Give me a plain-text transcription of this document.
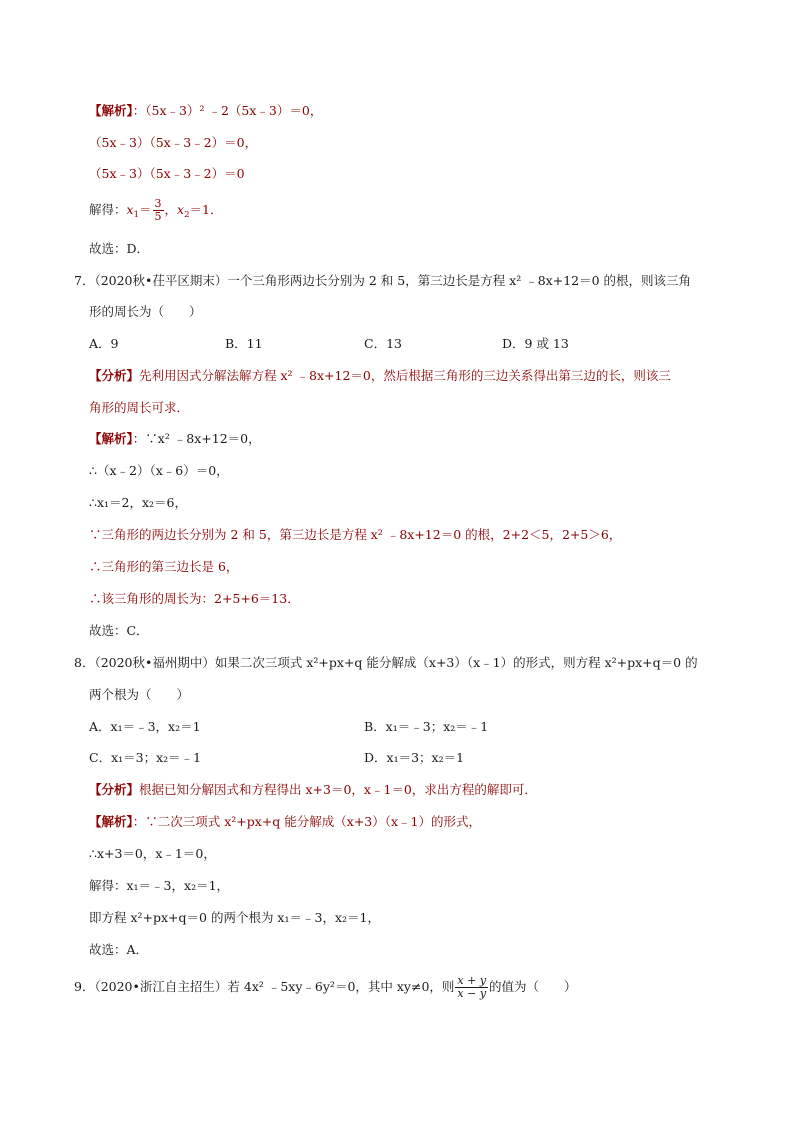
【解析】：（5x﹣3）² ﹣2（5x﹣3）＝0，
（5x﹣3）（5x﹣3﹣2）＝0，
（5x﹣3）（5x﹣3﹣2）＝0
解得：$x_1= \frac{3}{5}$ ，$x_2=1$．
故选：D．
7．（2020秋•茌平区期末）一个三角形两边长分别为 2 和 5，第三边长是方程 x² ﹣8x+12＝0 的根，则该三角
形的周长为（　　）
A．9	B．11	C．13	D．9 或 13
【分析】先利用因式分解法解方程 x² ﹣8x+12＝0，然后根据三角形的三边关系得出第三边的长，则该三
角形的周长可求．
【解析】：∵x² ﹣8x+12＝0，
∴（x﹣2）（x﹣6）＝0，
∴x₁＝2，x₂＝6，
∵三角形的两边长分别为 2 和 5，第三边长是方程 x² ﹣8x+12＝0 的根，2+2＜5，2+5＞6，
∴三角形的第三边长是 6，
∴该三角形的周长为：2+5+6＝13．
故选：C．
8．（2020秋•福州期中）如果二次三项式 x²+px+q 能分解成（x+3）（x﹣1）的形式，则方程 x²+px+q＝0 的
两个根为（　　）
A．x₁＝﹣3，x₂＝1	B．x₁＝﹣3；x₂＝﹣1
C．x₁＝3；x₂＝﹣1	D．x₁＝3；x₂＝1
【分析】根据已知分解因式和方程得出 x+3＝0，x﹣1＝0，求出方程的解即可．
【解析】：∵二次三项式 x²+px+q 能分解成（x+3）（x﹣1）的形式，
∴x+3＝0，x﹣1＝0，
解得：x₁＝﹣3，x₂＝1，
即方程 x²+px+q＝0 的两个根为 x₁＝﹣3，x₂＝1，
故选：A．
9．（2020•浙江自主招生）若 4x² ﹣5xy﹣6y²＝0，其中 xy≠0，则 $\frac{x + y}{x - y}$ 的值为（　　）
